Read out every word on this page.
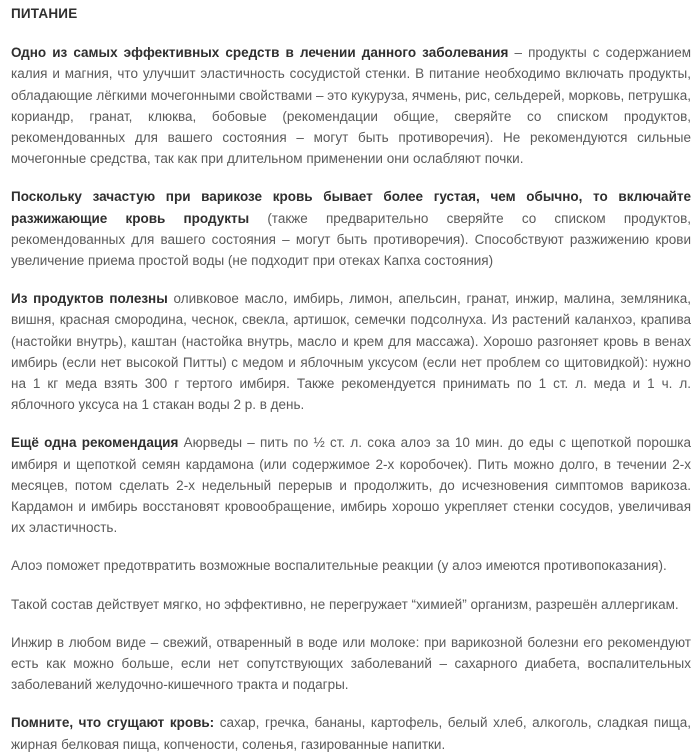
ПИТАНИЕ

Одно из самых эффективных средств в лечении данного заболевания – продукты с содержанием калия и магния, что улучшит эластичность сосудистой стенки. В питание необходимо включать продукты, обладающие лёгкими мочегонными свойствами – это кукуруза, ячмень, рис, сельдерей, морковь, петрушка, кориандр, гранат, клюква, бобовые (рекомендации общие, сверяйте со списком продуктов, рекомендованных для вашего состояния – могут быть противоречия). Не рекомендуются сильные мочегонные средства, так как при длительном применении они ослабляют почки.

Поскольку зачастую при варикозе кровь бывает более густая, чем обычно, то включайте разжижающие кровь продукты (также предварительно сверяйте со списком продуктов, рекомендованных для вашего состояния – могут быть противоречия). Способствуют разжижению крови увеличение приема простой воды (не подходит при отеках Капха состояния)

Из продуктов полезны оливковое масло, имбирь, лимон, апельсин, гранат, инжир, малина, земляника, вишня, красная смородина, чеснок, свекла, артишок, семечки подсолнуха. Из растений каланхоэ, крапива (настойки внутрь), каштан (настойка внутрь, масло и крем для массажа). Хорошо разгоняет кровь в венах имбирь (если нет высокой Питты) с медом и яблочным уксусом (если нет проблем со щитовидкой): нужно на 1 кг меда взять 300 г тертого имбиря. Также рекомендуется принимать по 1 ст. л. меда и 1 ч. л. яблочного уксуса на 1 стакан воды 2 р. в день.

Ещё одна рекомендация Аюрведы – пить по ½ ст. л. сока алоэ за 10 мин. до еды с щепоткой порошка имбиря и щепоткой семян кардамона (или содержимое 2-х коробочек). Пить можно долго, в течении 2-х месяцев, потом сделать 2-х недельный перерыв и продолжить, до исчезновения симптомов варикоза. Кардамон и имбирь восстановят кровообращение, имбирь хорошо укрепляет стенки сосудов, увеличивая их эластичность.

Алоэ поможет предотвратить возможные воспалительные реакции (у алоэ имеются противопоказания).

Такой состав действует мягко, но эффективно, не перегружает “химией” организм, разрешён аллергикам.

Инжир в любом виде – свежий, отваренный в воде или молоке: при варикозной болезни его рекомендуют есть как можно больше, если нет сопутствующих заболеваний – сахарного диабета, воспалительных заболеваний желудочно-кишечного тракта и подагры.

Помните, что сгущают кровь: сахар, гречка, бананы, картофель, белый хлеб, алкоголь, сладкая пища, жирная белковая пища, копчености, соленья, газированные напитки.
